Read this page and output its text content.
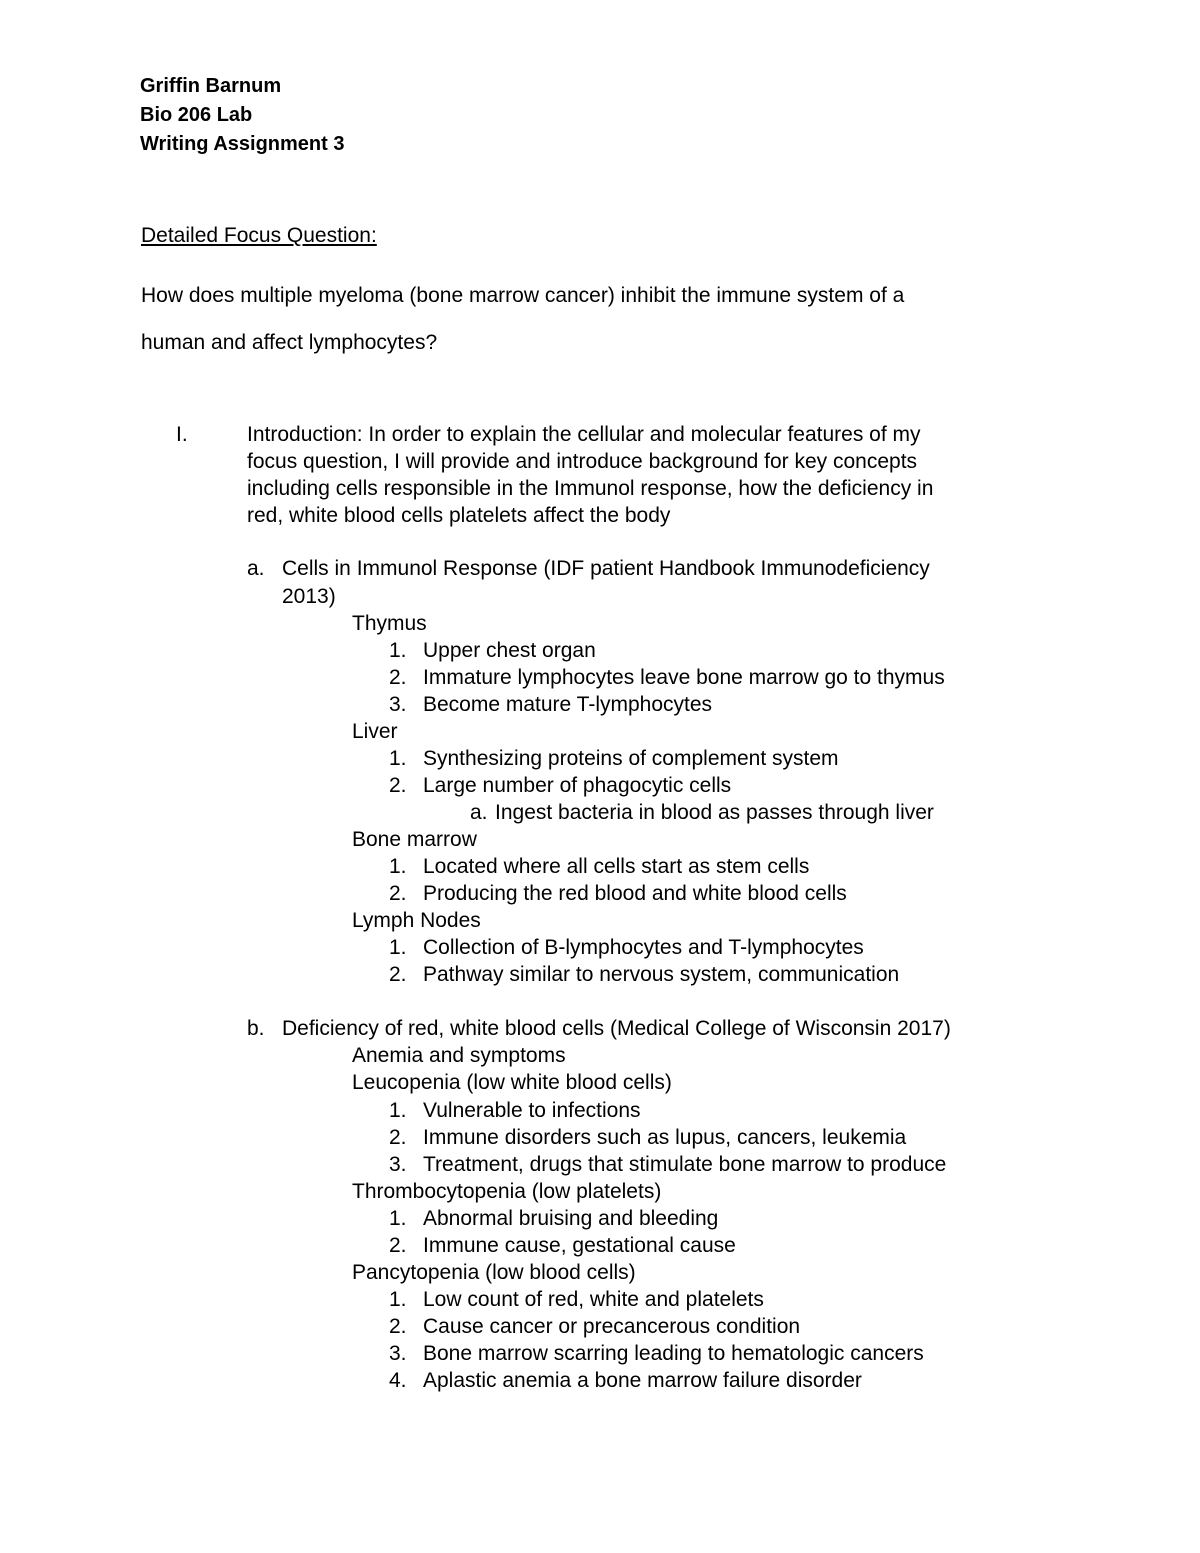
Griffin Barnum
Bio 206 Lab
Writing Assignment 3
Detailed Focus Question:
How does multiple myeloma (bone marrow cancer) inhibit the immune system of a
human and affect lymphocytes?
I.	Introduction: In order to explain the cellular and molecular features of my
focus question, I will provide and introduce background for key concepts
including cells responsible in the Immunol response, how the deficiency in
red, white blood cells platelets affect the body
a. Cells in Immunol Response (IDF patient Handbook Immunodeficiency
2013)
Thymus
1. Upper chest organ
2. Immature lymphocytes leave bone marrow go to thymus
3. Become mature T-lymphocytes
Liver
1. Synthesizing proteins of complement system
2. Large number of phagocytic cells
a. Ingest bacteria in blood as passes through liver
Bone marrow
1. Located where all cells start as stem cells
2. Producing the red blood and white blood cells
Lymph Nodes
1. Collection of B-lymphocytes and T-lymphocytes
2. Pathway similar to nervous system, communication
b. Deficiency of red, white blood cells (Medical College of Wisconsin 2017)
Anemia and symptoms
Leucopenia (low white blood cells)
1. Vulnerable to infections
2. Immune disorders such as lupus, cancers, leukemia
3. Treatment, drugs that stimulate bone marrow to produce
Thrombocytopenia (low platelets)
1. Abnormal bruising and bleeding
2. Immune cause, gestational cause
Pancytopenia (low blood cells)
1. Low count of red, white and platelets
2. Cause cancer or precancerous condition
3. Bone marrow scarring leading to hematologic cancers
4. Aplastic anemia a bone marrow failure disorder
